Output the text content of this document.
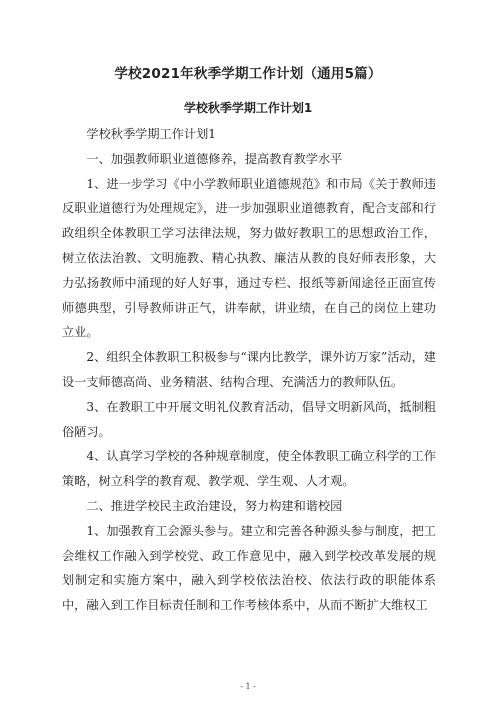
学校2021年秋季学期工作计划（通用5篇）
学校秋季学期工作计划1

学校秋季学期工作计划1

一、加强教师职业道德修养，提高教育教学水平

1、进一步学习《中小学教师职业道德规范》和市局《关于教师违反职业道德行为处理规定》，进一步加强职业道德教育，配合支部和行政组织全体教职工学习法律法规，努力做好教职工的思想政治工作，树立依法治教、文明施教、精心执教、廉洁从教的良好师表形象，大力弘扬教师中涌现的好人好事，通过专栏、报纸等新闻途径正面宣传师德典型，引导教师讲正气，讲奉献，讲业绩，在自己的岗位上建功立业。

2、组织全体教职工积极参与“课内比教学，课外访万家”活动，建设一支师德高尚、业务精湛、结构合理、充满活力的教师队伍。

3、在教职工中开展文明礼仪教育活动，倡导文明新风尚，抵制粗俗陋习。

4、认真学习学校的各种规章制度，使全体教职工确立科学的工作策略，树立科学的教育观、教学观、学生观、人才观。

二、推进学校民主政治建设，努力构建和谐校园

1、加强教育工会源头参与。建立和完善各种源头参与制度，把工会维权工作融入到学校党、政工作意见中，融入到学校改革发展的规划制定和实施方案中，融入到学校依法治校、依法行政的职能体系中，融入到工作目标责任制和工作考核体系中，从而不断扩大维权工

- 1 -
